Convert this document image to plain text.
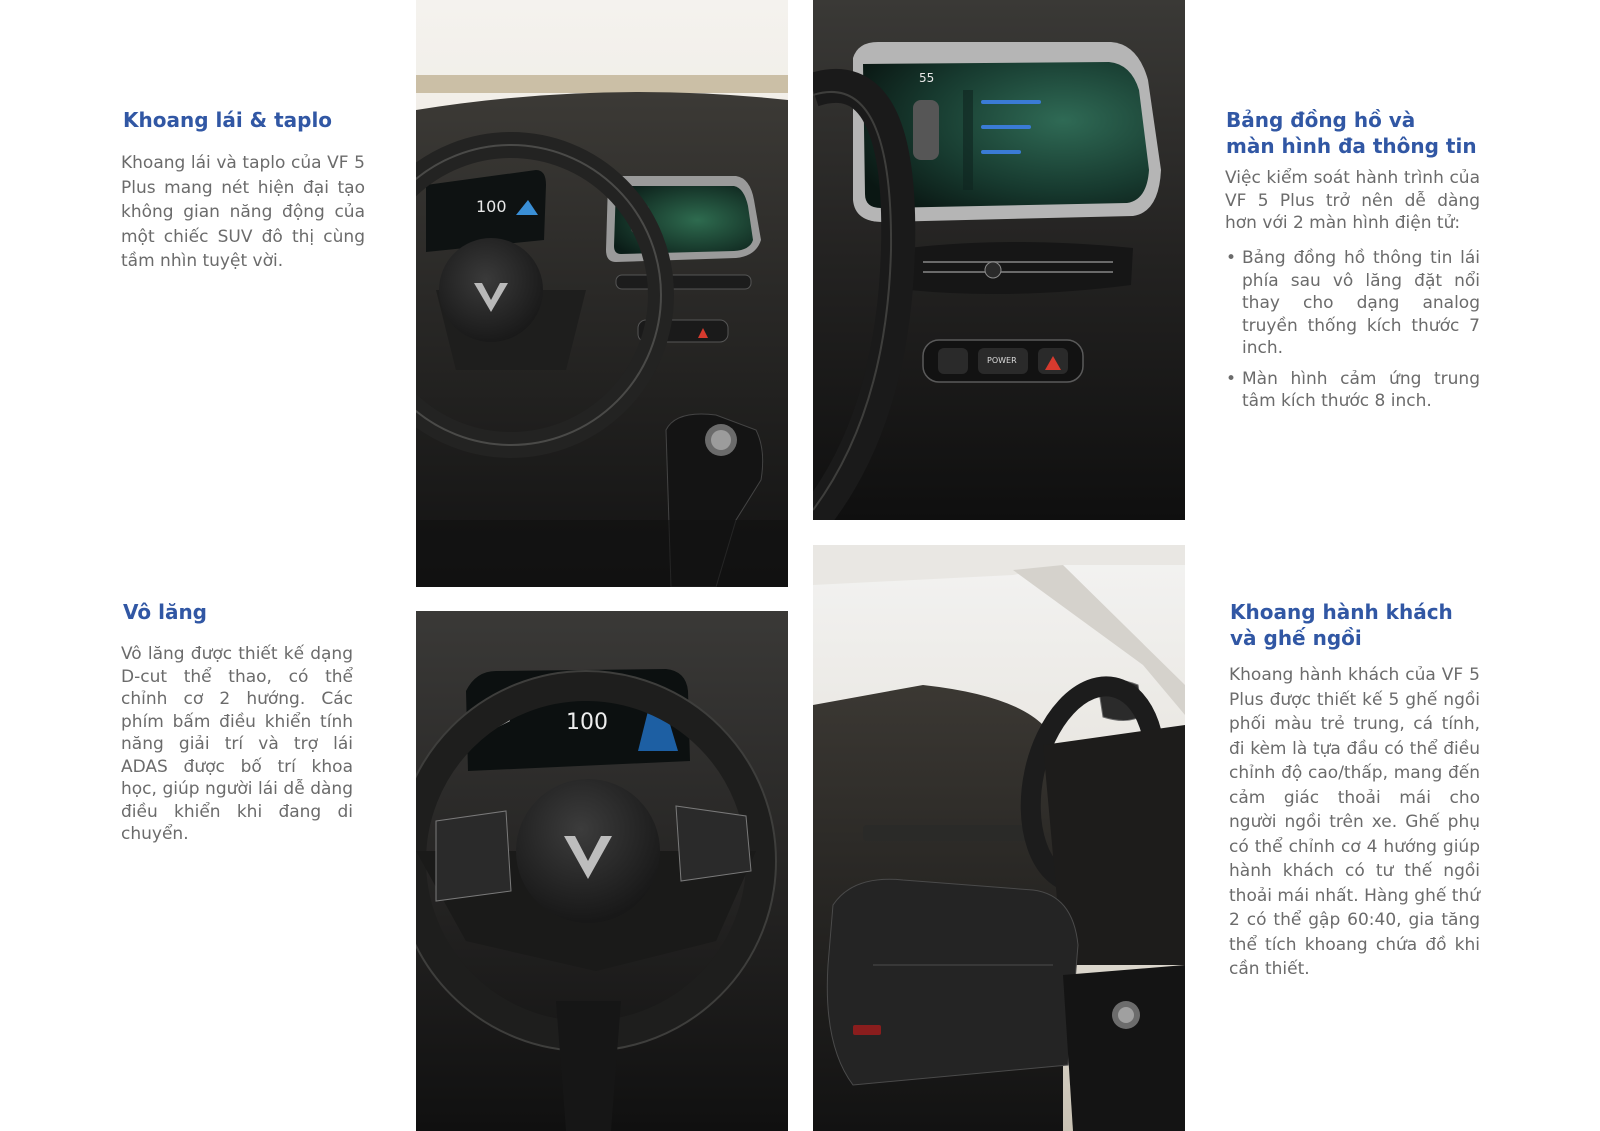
Khoang lái & taplo

Khoang lái và taplo của VF 5 Plus mang nét hiện đại tạo không gian năng động của một chiếc SUV đô thị cùng tầm nhìn tuyệt vời.

Vô lăng

Vô lăng được thiết kế dạng D-cut thể thao, có thể chỉnh cơ 2 hướng. Các phím bấm điều khiển tính năng giải trí và trợ lái ADAS được bố trí khoa học, giúp người lái dễ dàng điều khiển khi đang di chuyển.

Bảng đồng hồ và
màn hình đa thông tin

Việc kiểm soát hành trình của VF 5 Plus trở nên dễ dàng hơn với 2 màn hình điện tử:

• Bảng đồng hồ thông tin lái phía sau vô lăng đặt nổi thay cho dạng analog truyền thống kích thước 7 inch.
• Màn hình cảm ứng trung tâm kích thước 8 inch.
Khoang hành khách
và ghế ngồi

Khoang hành khách của VF 5 Plus được thiết kế 5 ghế ngồi phối màu trẻ trung, cá tính, đi kèm là tựa đầu có thể điều chỉnh độ cao/thấp, mang đến cảm giác thoải mái cho người ngồi trên xe. Ghế phụ có thể chỉnh cơ 4 hướng giúp hành khách có tư thế ngồi thoải mái nhất. Hàng ghế thứ 2 có thể gập 60:40, gia tăng thể tích khoang chứa đồ khi cần thiết.

100
55
POWER
100
